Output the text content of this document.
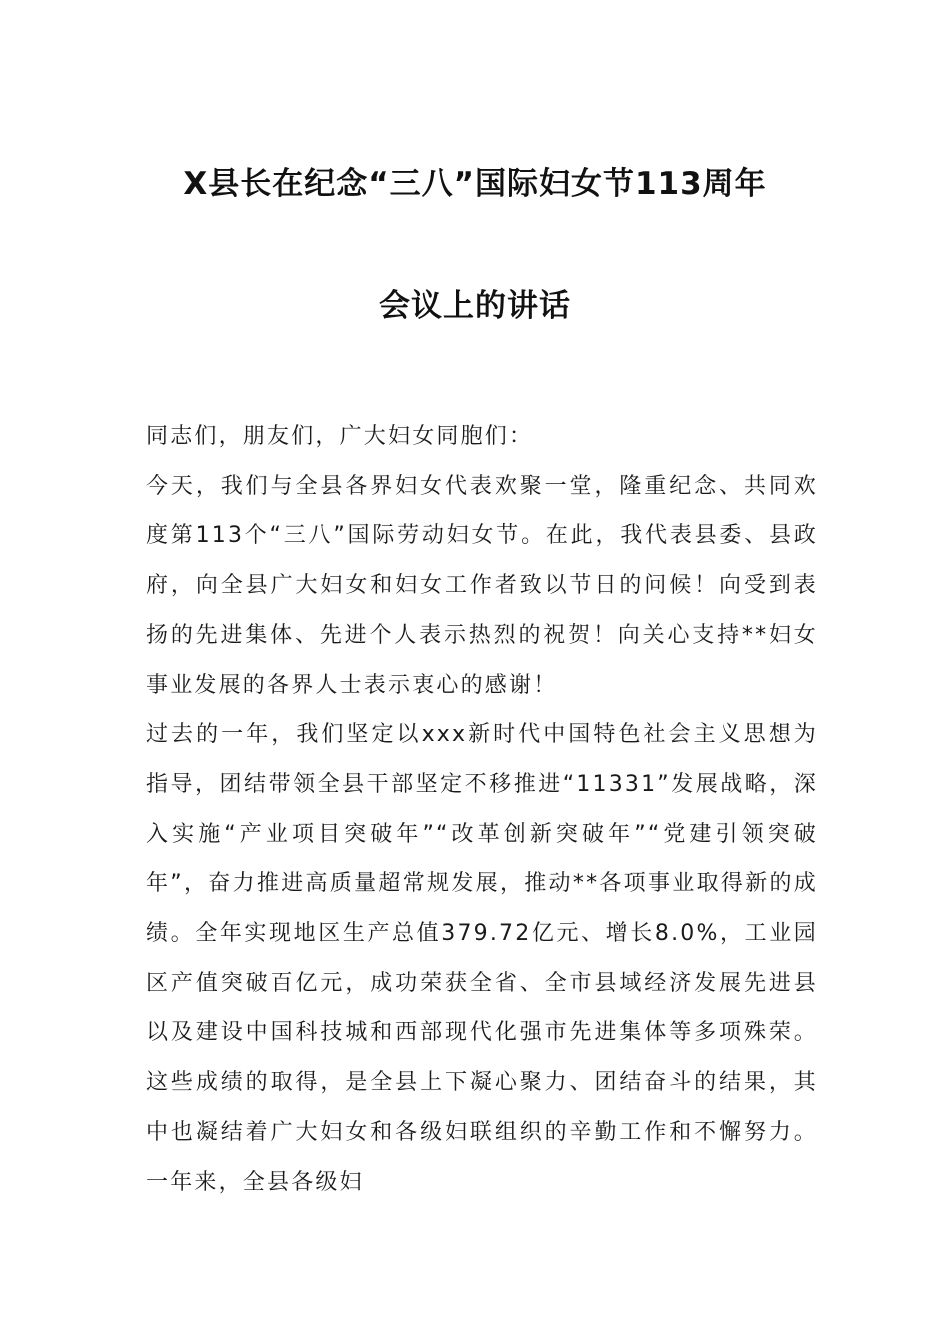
X县长在纪念“三八”国际妇女节113周年
会议上的讲话

同志们，朋友们，广大妇女同胞们：

今天，我们与全县各界妇女代表欢聚一堂，隆重纪念、共同欢度第113个“三八”国际劳动妇女节。在此，我代表县委、县政府，向全县广大妇女和妇女工作者致以节日的问候！向受到表扬的先进集体、先进个人表示热烈的祝贺！向关心支持**妇女事业发展的各界人士表示衷心的感谢！

过去的一年，我们坚定以xxx新时代中国特色社会主义思想为指导，团结带领全县干部坚定不移推进“11331”发展战略，深入实施“产业项目突破年”“改革创新突破年”“党建引领突破年”，奋力推进高质量超常规发展，推动**各项事业取得新的成绩。全年实现地区生产总值379.72亿元、增长8.0%，工业园区产值突破百亿元，成功荣获全省、全市县域经济发展先进县以及建设中国科技城和西部现代化强市先进集体等多项殊荣。这些成绩的取得，是全县上下凝心聚力、团结奋斗的结果，其中也凝结着广大妇女和各级妇联组织的辛勤工作和不懈努力。一年来，全县各级妇
